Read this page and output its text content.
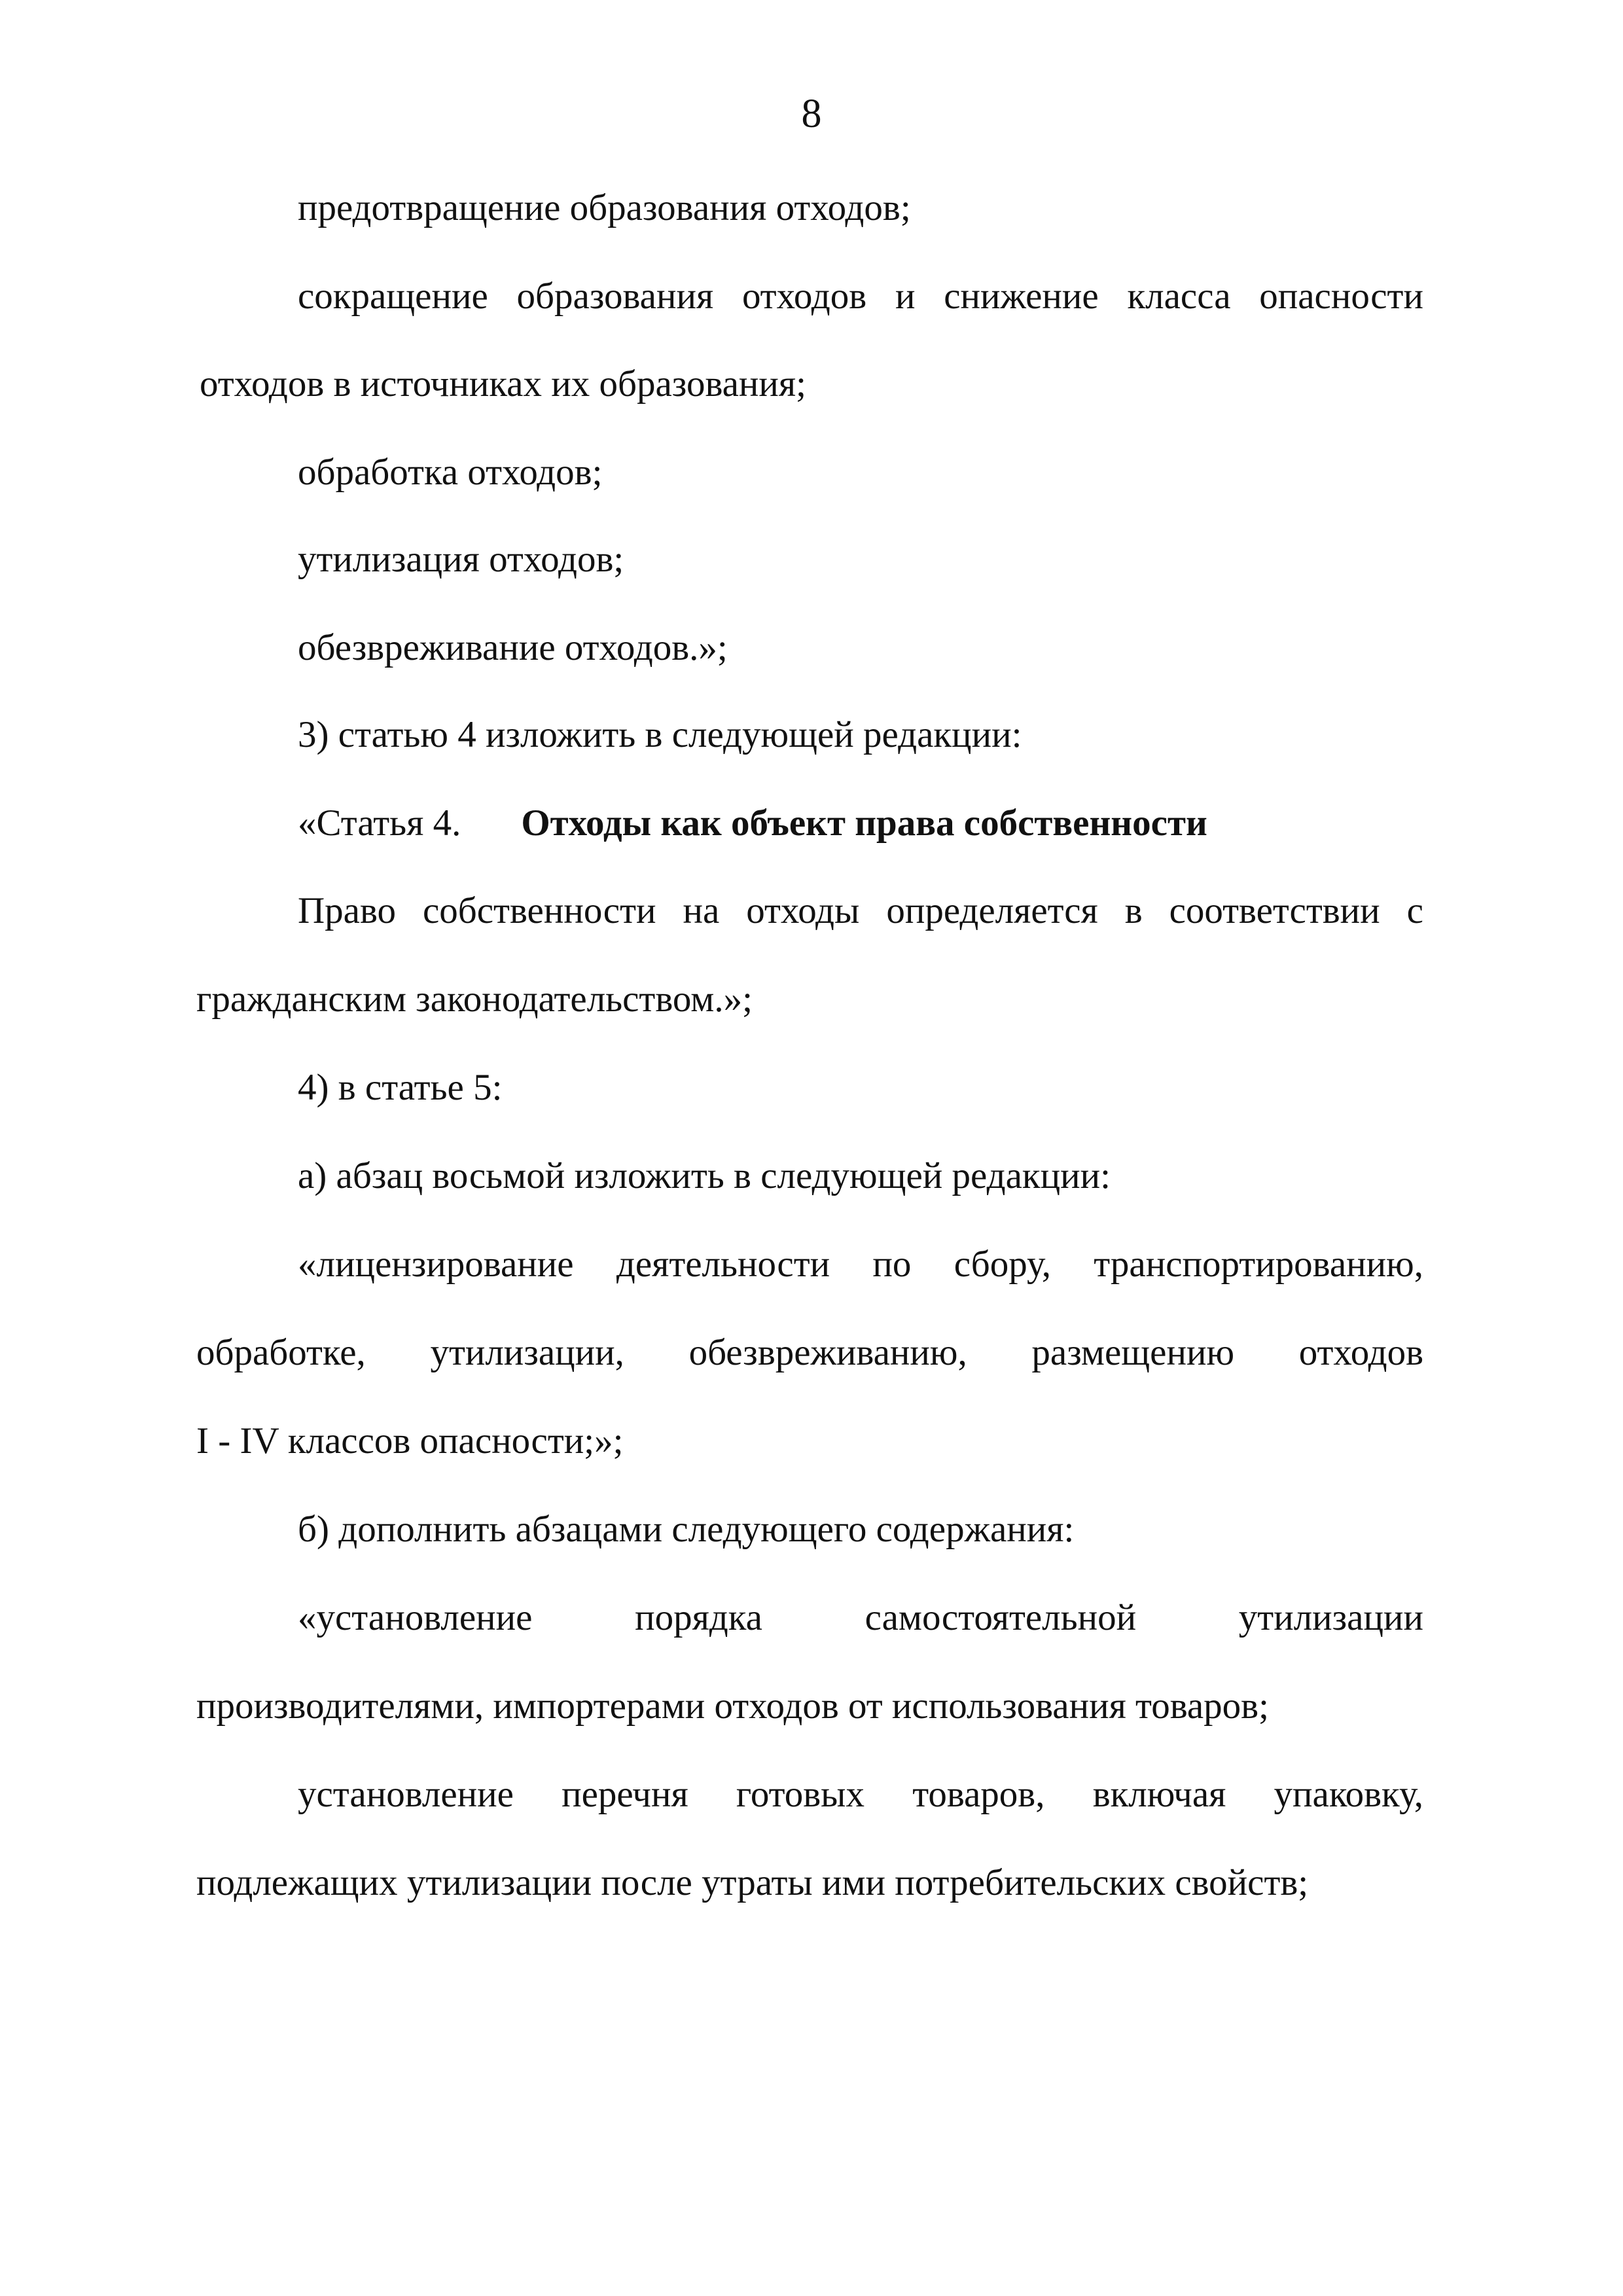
8
предотвращение образования отходов;
сокращение образования отходов и снижение класса опасности
отходов в источниках их образования;
обработка отходов;
утилизация отходов;
обезвреживание отходов.»;
3) статью 4 изложить в следующей редакции:
«Статья 4. Отходы как объект права собственности
Право собственности на отходы определяется в соответствии с
гражданским законодательством.»;
4) в статье 5:
а) абзац восьмой изложить в следующей редакции:
«лицензирование деятельности по сбору, транспортированию,
обработке, утилизации, обезвреживанию, размещению отходов
I - IV классов опасности;»;
б) дополнить абзацами следующего содержания:
«установление	порядка	самостоятельной	утилизации
производителями, импортерами отходов от использования товаров;
установление перечня готовых товаров, включая упаковку,
подлежащих утилизации после утраты ими потребительских свойств;
